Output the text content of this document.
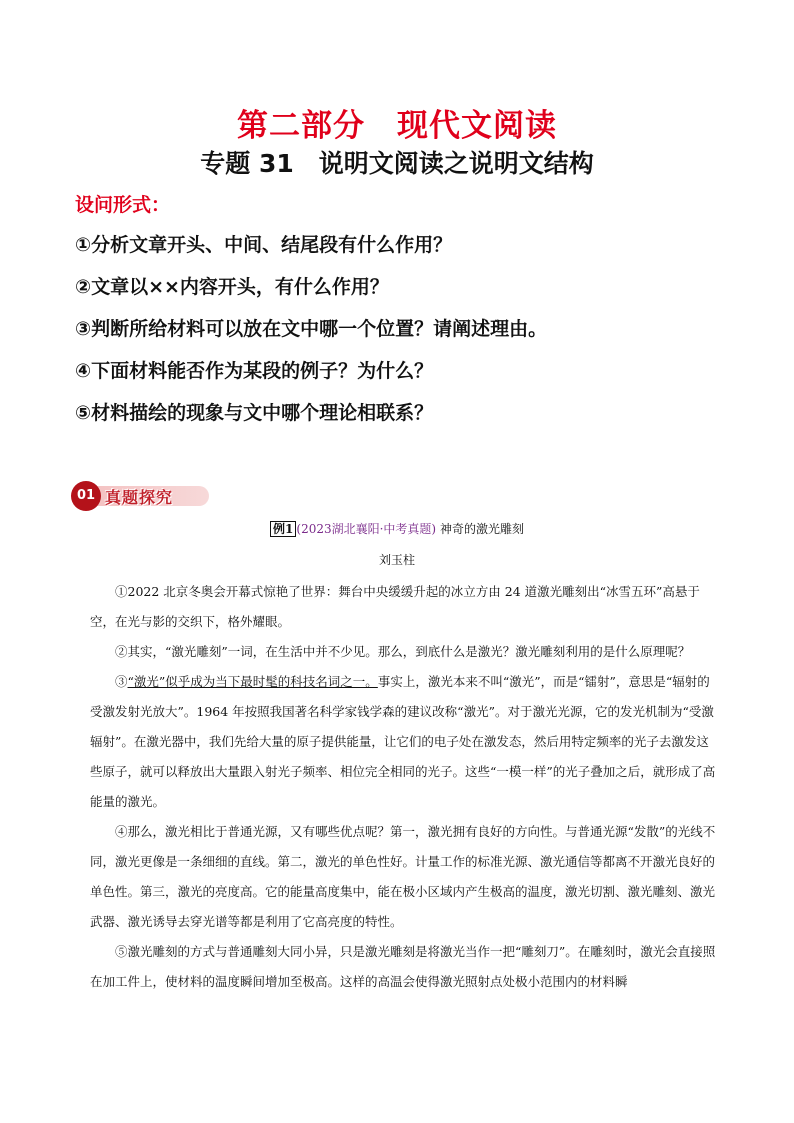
第二部分　现代文阅读
专题 31　说明文阅读之说明文结构
设问形式：
①分析文章开头、中间、结尾段有什么作用？
②文章以××内容开头，有什么作用？
③判断所给材料可以放在文中哪一个位置？请阐述理由。
④下面材料能否作为某段的例子？为什么？
⑤材料描绘的现象与文中哪个理论相联系？
01 真题探究
例1 (2023湖北襄阳·中考真题) 神奇的激光雕刻
刘玉柱
①2022 北京冬奥会开幕式惊艳了世界：舞台中央缓缓升起的冰立方由 24 道激光雕刻出“冰雪五环”高悬于空，在光与影的交织下，格外耀眼。
②其实，“激光雕刻”一词，在生活中并不少见。那么，到底什么是激光？激光雕刻利用的是什么原理呢？
③“激光”似乎成为当下最时髦的科技名词之一。事实上，激光本来不叫“激光”，而是“镭射”，意思是“辐射的受激发射光放大”。1964 年按照我国著名科学家钱学森的建议改称“激光”。对于激光光源，它的发光机制为“受激辐射”。在激光器中，我们先给大量的原子提供能量，让它们的电子处在激发态，然后用特定频率的光子去激发这些原子，就可以释放出大量跟入射光子频率、相位完全相同的光子。这些“一模一样”的光子叠加之后，就形成了高能量的激光。
④那么，激光相比于普通光源，又有哪些优点呢？第一，激光拥有良好的方向性。与普通光源“发散”的光线不同，激光更像是一条细细的直线。第二，激光的单色性好。计量工作的标准光源、激光通信等都离不开激光良好的单色性。第三，激光的亮度高。它的能量高度集中，能在极小区域内产生极高的温度，激光切割、激光雕刻、激光武器、激光诱导去穿光谱等都是利用了它高亮度的特性。
⑤激光雕刻的方式与普通雕刻大同小异，只是激光雕刻是将激光当作一把“雕刻刀”。在雕刻时，激光会直接照在加工件上，使材料的温度瞬间增加至极高。这样的高温会使得激光照射点处极小范围内的材料瞬
